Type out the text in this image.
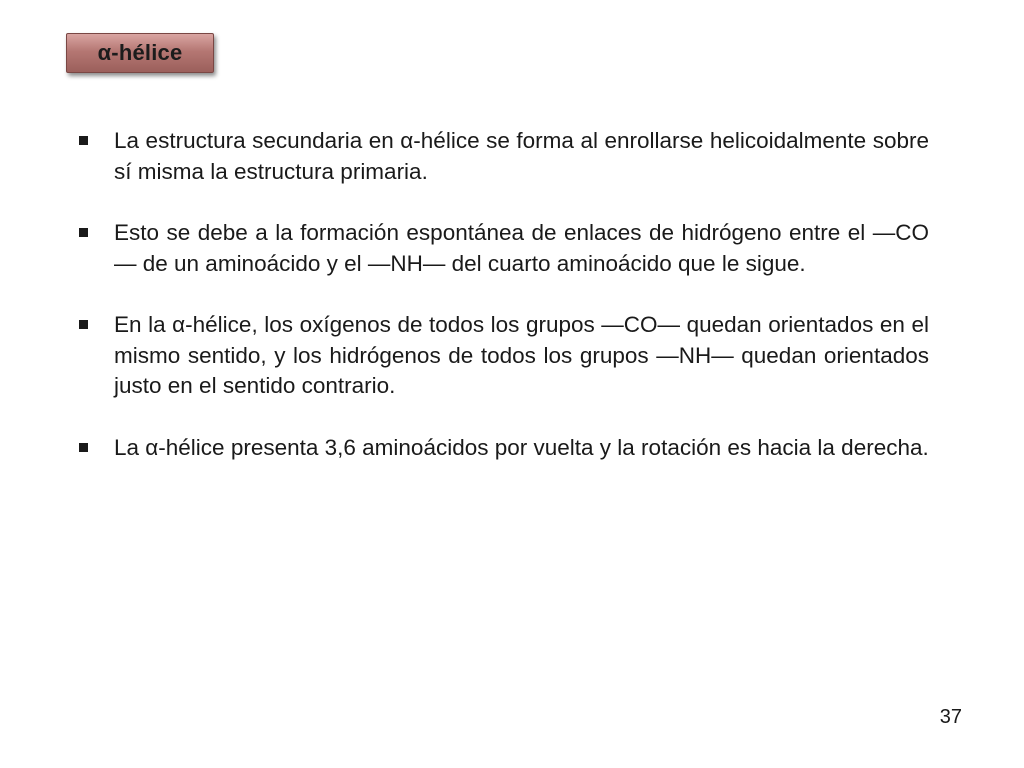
α-hélice
La estructura secundaria en α-hélice se forma al enrollarse helicoidalmente sobre sí misma la estructura primaria.
Esto se debe a la formación espontánea de enlaces de hidrógeno entre el —CO— de un aminoácido y el —NH— del cuarto aminoácido que le sigue.
En la α-hélice, los oxígenos de todos los grupos —CO— quedan orientados en el mismo sentido, y los hidrógenos de todos los grupos —NH— quedan orientados justo en el sentido contrario.
La α-hélice presenta 3,6 aminoácidos por vuelta y la rotación es hacia la derecha.
37
